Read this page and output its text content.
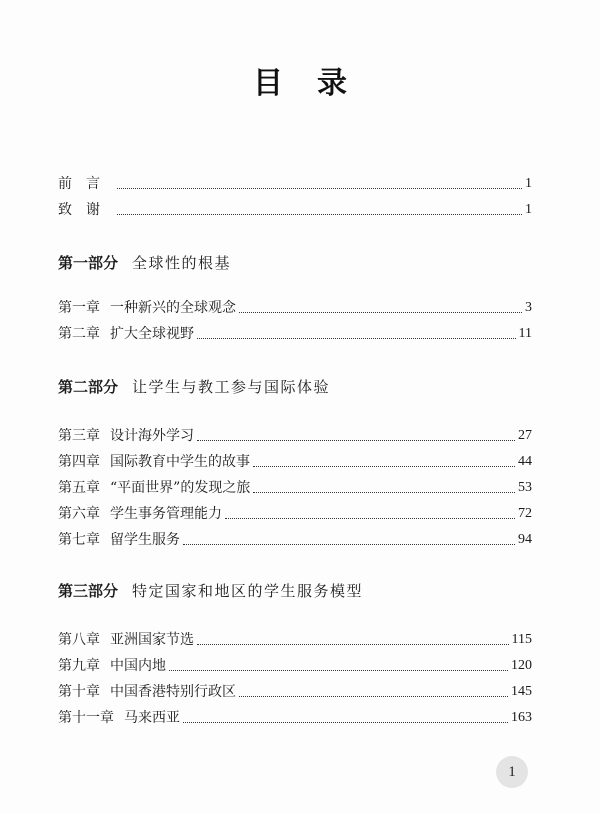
目录
前言	1
致谢	1
第一部分 全球性的根基
第一章 一种新兴的全球观念	3
第二章 扩大全球视野	11
第二部分 让学生与教工参与国际体验
第三章 设计海外学习	27
第四章 国际教育中学生的故事	44
第五章 “平面世界”的发现之旅	53
第六章 学生事务管理能力	72
第七章 留学生服务	94
第三部分 特定国家和地区的学生服务模型
第八章 亚洲国家节选	115
第九章 中国内地	120
第十章 中国香港特别行政区	145
第十一章 马来西亚	163
1
